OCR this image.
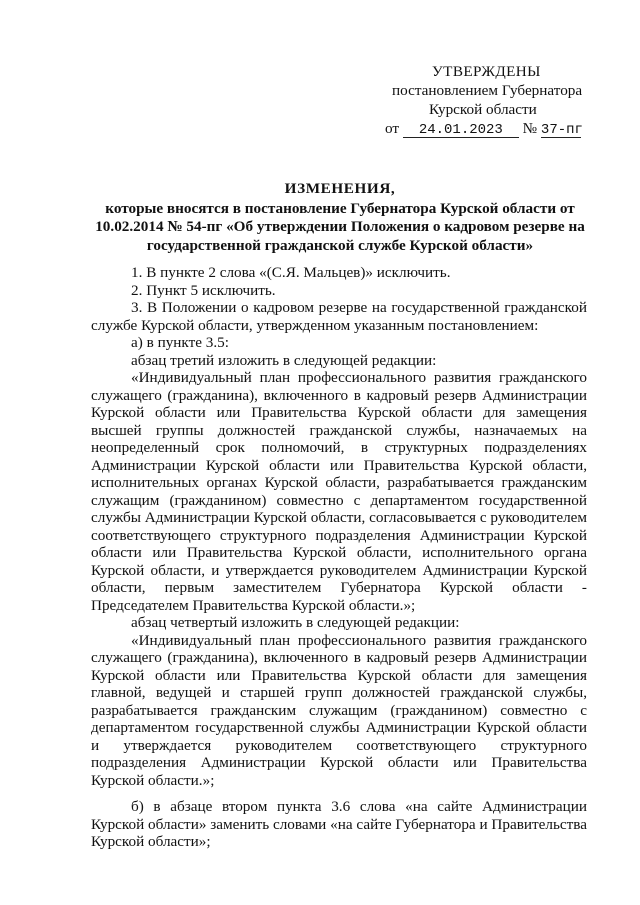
УТВЕРЖДЕНЫ
постановлением Губернатора
Курской области
от 24.01.2023 № 37-пг
ИЗМЕНЕНИЯ,
которые вносятся в постановление Губернатора Курской области от 10.02.2014 № 54-пг «Об утверждении Положения о кадровом резерве на государственной гражданской службе Курской области»

1. В пункте 2 слова «(С.Я. Мальцев)» исключить.

2. Пункт 5 исключить.

3. В Положении о кадровом резерве на государственной гражданской службе Курской области, утвержденном указанным постановлением:

а) в пункте 3.5:

абзац третий изложить в следующей редакции:

«Индивидуальный план профессионального развития гражданского служащего (гражданина), включенного в кадровый резерв Администрации Курской области или Правительства Курской области для замещения высшей группы должностей гражданской службы, назначаемых на неопределенный срок полномочий, в структурных подразделениях Администрации Курской области или Правительства Курской области, исполнительных органах Курской области, разрабатывается гражданским служащим (гражданином) совместно с департаментом государственной службы Администрации Курской области, согласовывается с руководителем соответствующего структурного подразделения Администрации Курской области или Правительства Курской области, исполнительного органа Курской области, и утверждается руководителем Администрации Курской области, первым заместителем Губернатора Курской области - Председателем Правительства Курской области.»;

абзац четвертый изложить в следующей редакции:

«Индивидуальный план профессионального развития гражданского служащего (гражданина), включенного в кадровый резерв Администрации Курской области или Правительства Курской области для замещения главной, ведущей и старшей групп должностей гражданской службы, разрабатывается гражданским служащим (гражданином) совместно с департаментом государственной службы Администрации Курской области и утверждается руководителем соответствующего структурного подразделения Администрации Курской области или Правительства Курской области.»;

б) в абзаце втором пункта 3.6 слова «на сайте Администрации Курской области» заменить словами «на сайте Губернатора и Правительства Курской области»;
